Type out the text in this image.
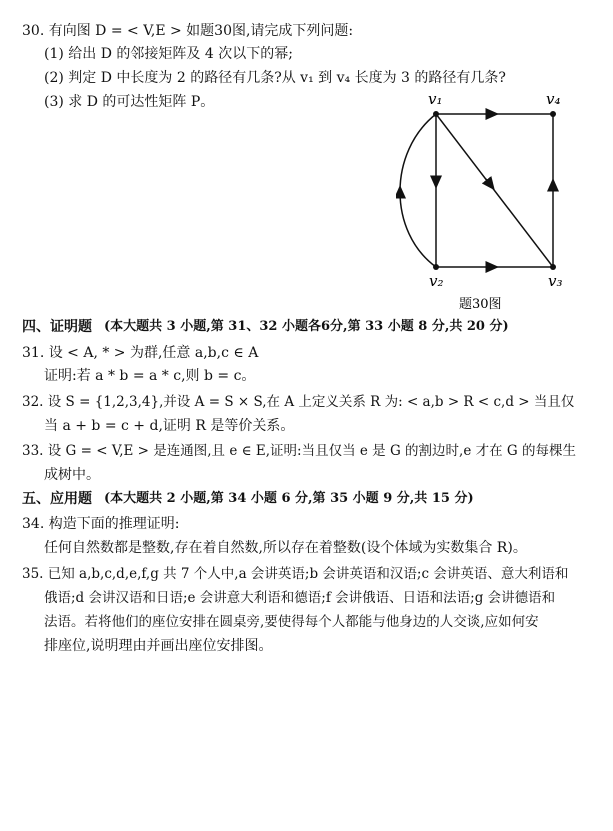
30. 有向图 D = < V,E > 如题30图,请完成下列问题:
(1) 给出 D 的邻接矩阵及 4 次以下的幂;
(2) 判定 D 中长度为 2 的路径有几条?从 v₁ 到 v₄ 长度为 3 的路径有几条?
(3) 求 D 的可达性矩阵 P。	v₁	v₄
v₂	v₃
题30图
四、证明题 (本大题共 3 小题,第 31、32 小题各6分,第 33 小题 8 分,共 20 分)
31. 设 < A, * > 为群,任意 a,b,c ∈ A
证明:若 a * b = a * c,则 b = c。
32. 设 S = {1,2,3,4},并设 A = S × S,在 A 上定义关系 R 为: < a,b > R < c,d > 当且仅
当 a + b = c + d,证明 R 是等价关系。
33. 设 G = < V,E > 是连通图,且 e ∈ E,证明:当且仅当 e 是 G 的割边时,e 才在 G 的每棵生
成树中。
五、应用题 (本大题共 2 小题,第 34 小题 6 分,第 35 小题 9 分,共 15 分)
34. 构造下面的推理证明:
任何自然数都是整数,存在着自然数,所以存在着整数(设个体域为实数集合 R)。
35. 已知 a,b,c,d,e,f,g 共 7 个人中,a 会讲英语;b 会讲英语和汉语;c 会讲英语、意大利语和
俄语;d 会讲汉语和日语;e 会讲意大利语和德语;f 会讲俄语、日语和法语;g 会讲德语和
法语。若将他们的座位安排在圆桌旁,要使得每个人都能与他身边的人交谈,应如何安
排座位,说明理由并画出座位安排图。
